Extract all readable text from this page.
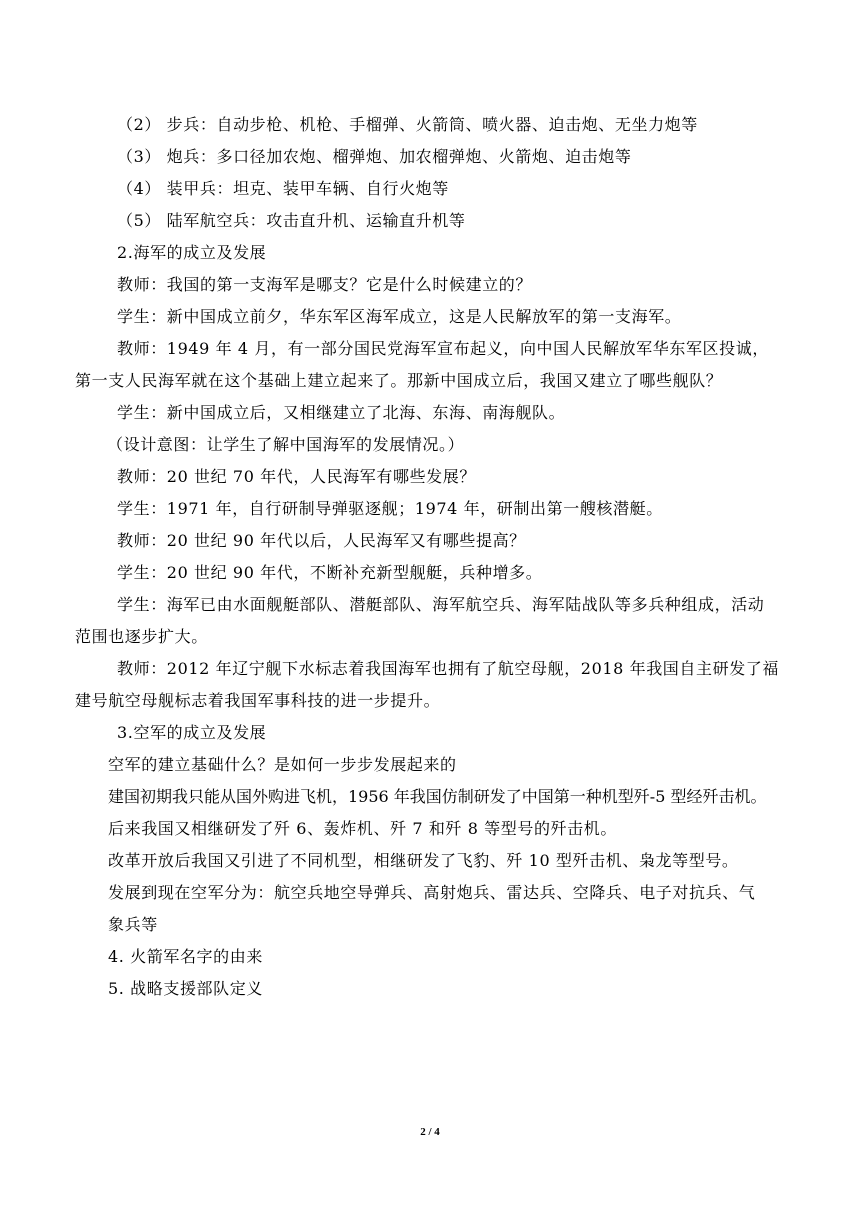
（2） 步兵：自动步枪、机枪、手榴弹、火箭筒、喷火器、迫击炮、无坐力炮等

（3） 炮兵：多口径加农炮、榴弹炮、加农榴弹炮、火箭炮、迫击炮等

（4） 装甲兵：坦克、装甲车辆、自行火炮等

（5） 陆军航空兵：攻击直升机、运输直升机等

2.海军的成立及发展

教师：我国的第一支海军是哪支？它是什么时候建立的？

学生：新中国成立前夕，华东军区海军成立，这是人民解放军的第一支海军。

教师：1949 年 4 月，有一部分国民党海军宣布起义，向中国人民解放军华东军区投诚，

第一支人民海军就在这个基础上建立起来了。那新中国成立后，我国又建立了哪些舰队？

学生：新中国成立后，又相继建立了北海、东海、南海舰队。

（设计意图：让学生了解中国海军的发展情况。）

教师：20 世纪 70 年代，人民海军有哪些发展？

学生：1971 年，自行研制导弹驱逐舰；1974 年，研制出第一艘核潜艇。

教师：20 世纪 90 年代以后，人民海军又有哪些提高？

学生：20 世纪 90 年代，不断补充新型舰艇，兵种增多。

学生：海军已由水面舰艇部队、潜艇部队、海军航空兵、海军陆战队等多兵种组成，活动

范围也逐步扩大。

教师：2012 年辽宁舰下水标志着我国海军也拥有了航空母舰，2018 年我国自主研发了福

建号航空母舰标志着我国军事科技的进一步提升。

3.空军的成立及发展

空军的建立基础什么？是如何一步步发展起来的

建国初期我只能从国外购进飞机，1956 年我国仿制研发了中国第一种机型歼-5 型经歼击机。

后来我国又相继研发了歼 6、轰炸机、歼 7 和歼 8 等型号的歼击机。

改革开放后我国又引进了不同机型，相继研发了飞豹、歼 10 型歼击机、枭龙等型号。

发展到现在空军分为：航空兵地空导弹兵、高射炮兵、雷达兵、空降兵、电子对抗兵、气

象兵等

4. 火箭军名字的由来

5. 战略支援部队定义

2 / 4
